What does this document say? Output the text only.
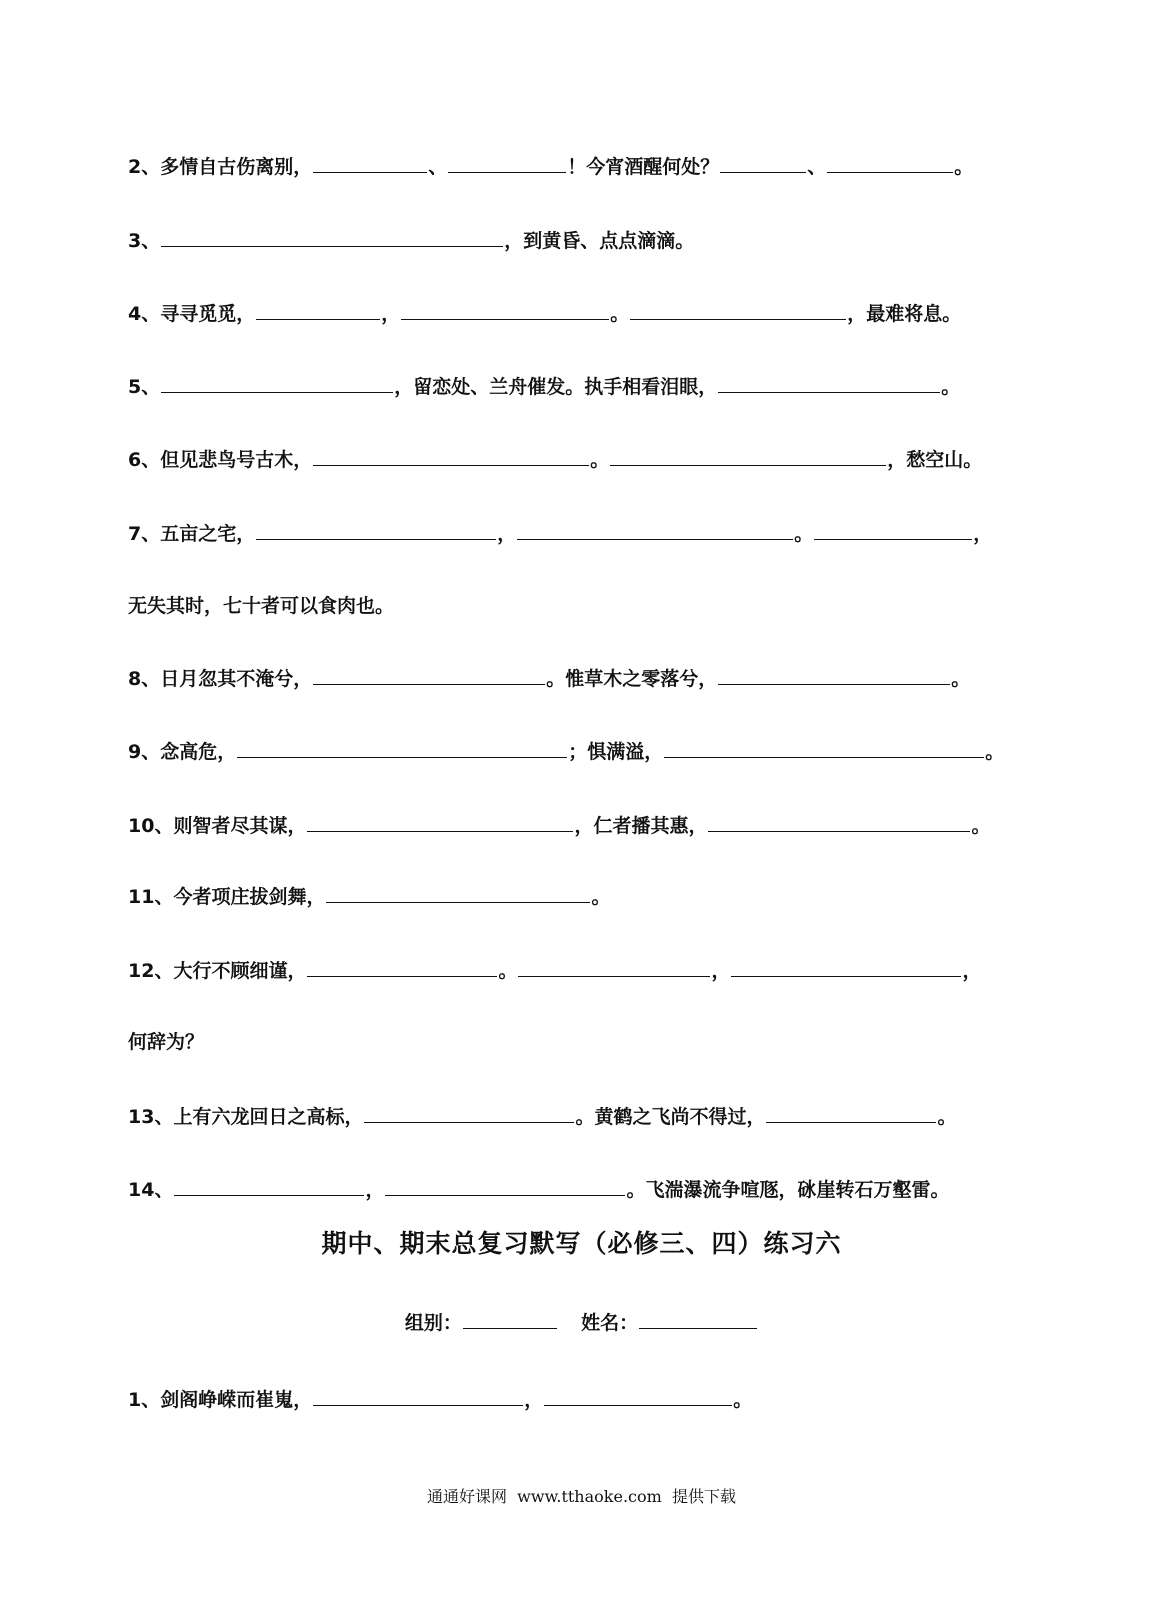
2、多情自古伤离别，	、	！今宵酒醒何处？	、	。
3、	，到黄昏、点点滴滴。
4、寻寻觅觅，	，	。	，最难将息。
5、	，留恋处、兰舟催发。执手相看泪眼，	。
6、但见悲鸟号古木，	。	，愁空山。
7、五亩之宅，	，	。	，
无失其时，七十者可以食肉也。
8、日月忽其不淹兮，	。惟草木之零落兮，	。
9、念高危，	；惧满溢，	。
10、则智者尽其谋，	，仁者播其惠，	。
11、今者项庄拔剑舞，	。
12、大行不顾细谨，	。	，	，
何辞为？
13、上有六龙回日之高标，	。黄鹤之飞尚不得过，	。
14、	，	。飞湍瀑流争喧豗，砯崖转石万壑雷。
期中、期末总复习默写（必修三、四）练习六
组别：	姓名：
1、剑阁峥嵘而崔嵬，	，	。
通通好课网  www.tthaoke.com  提供下载
